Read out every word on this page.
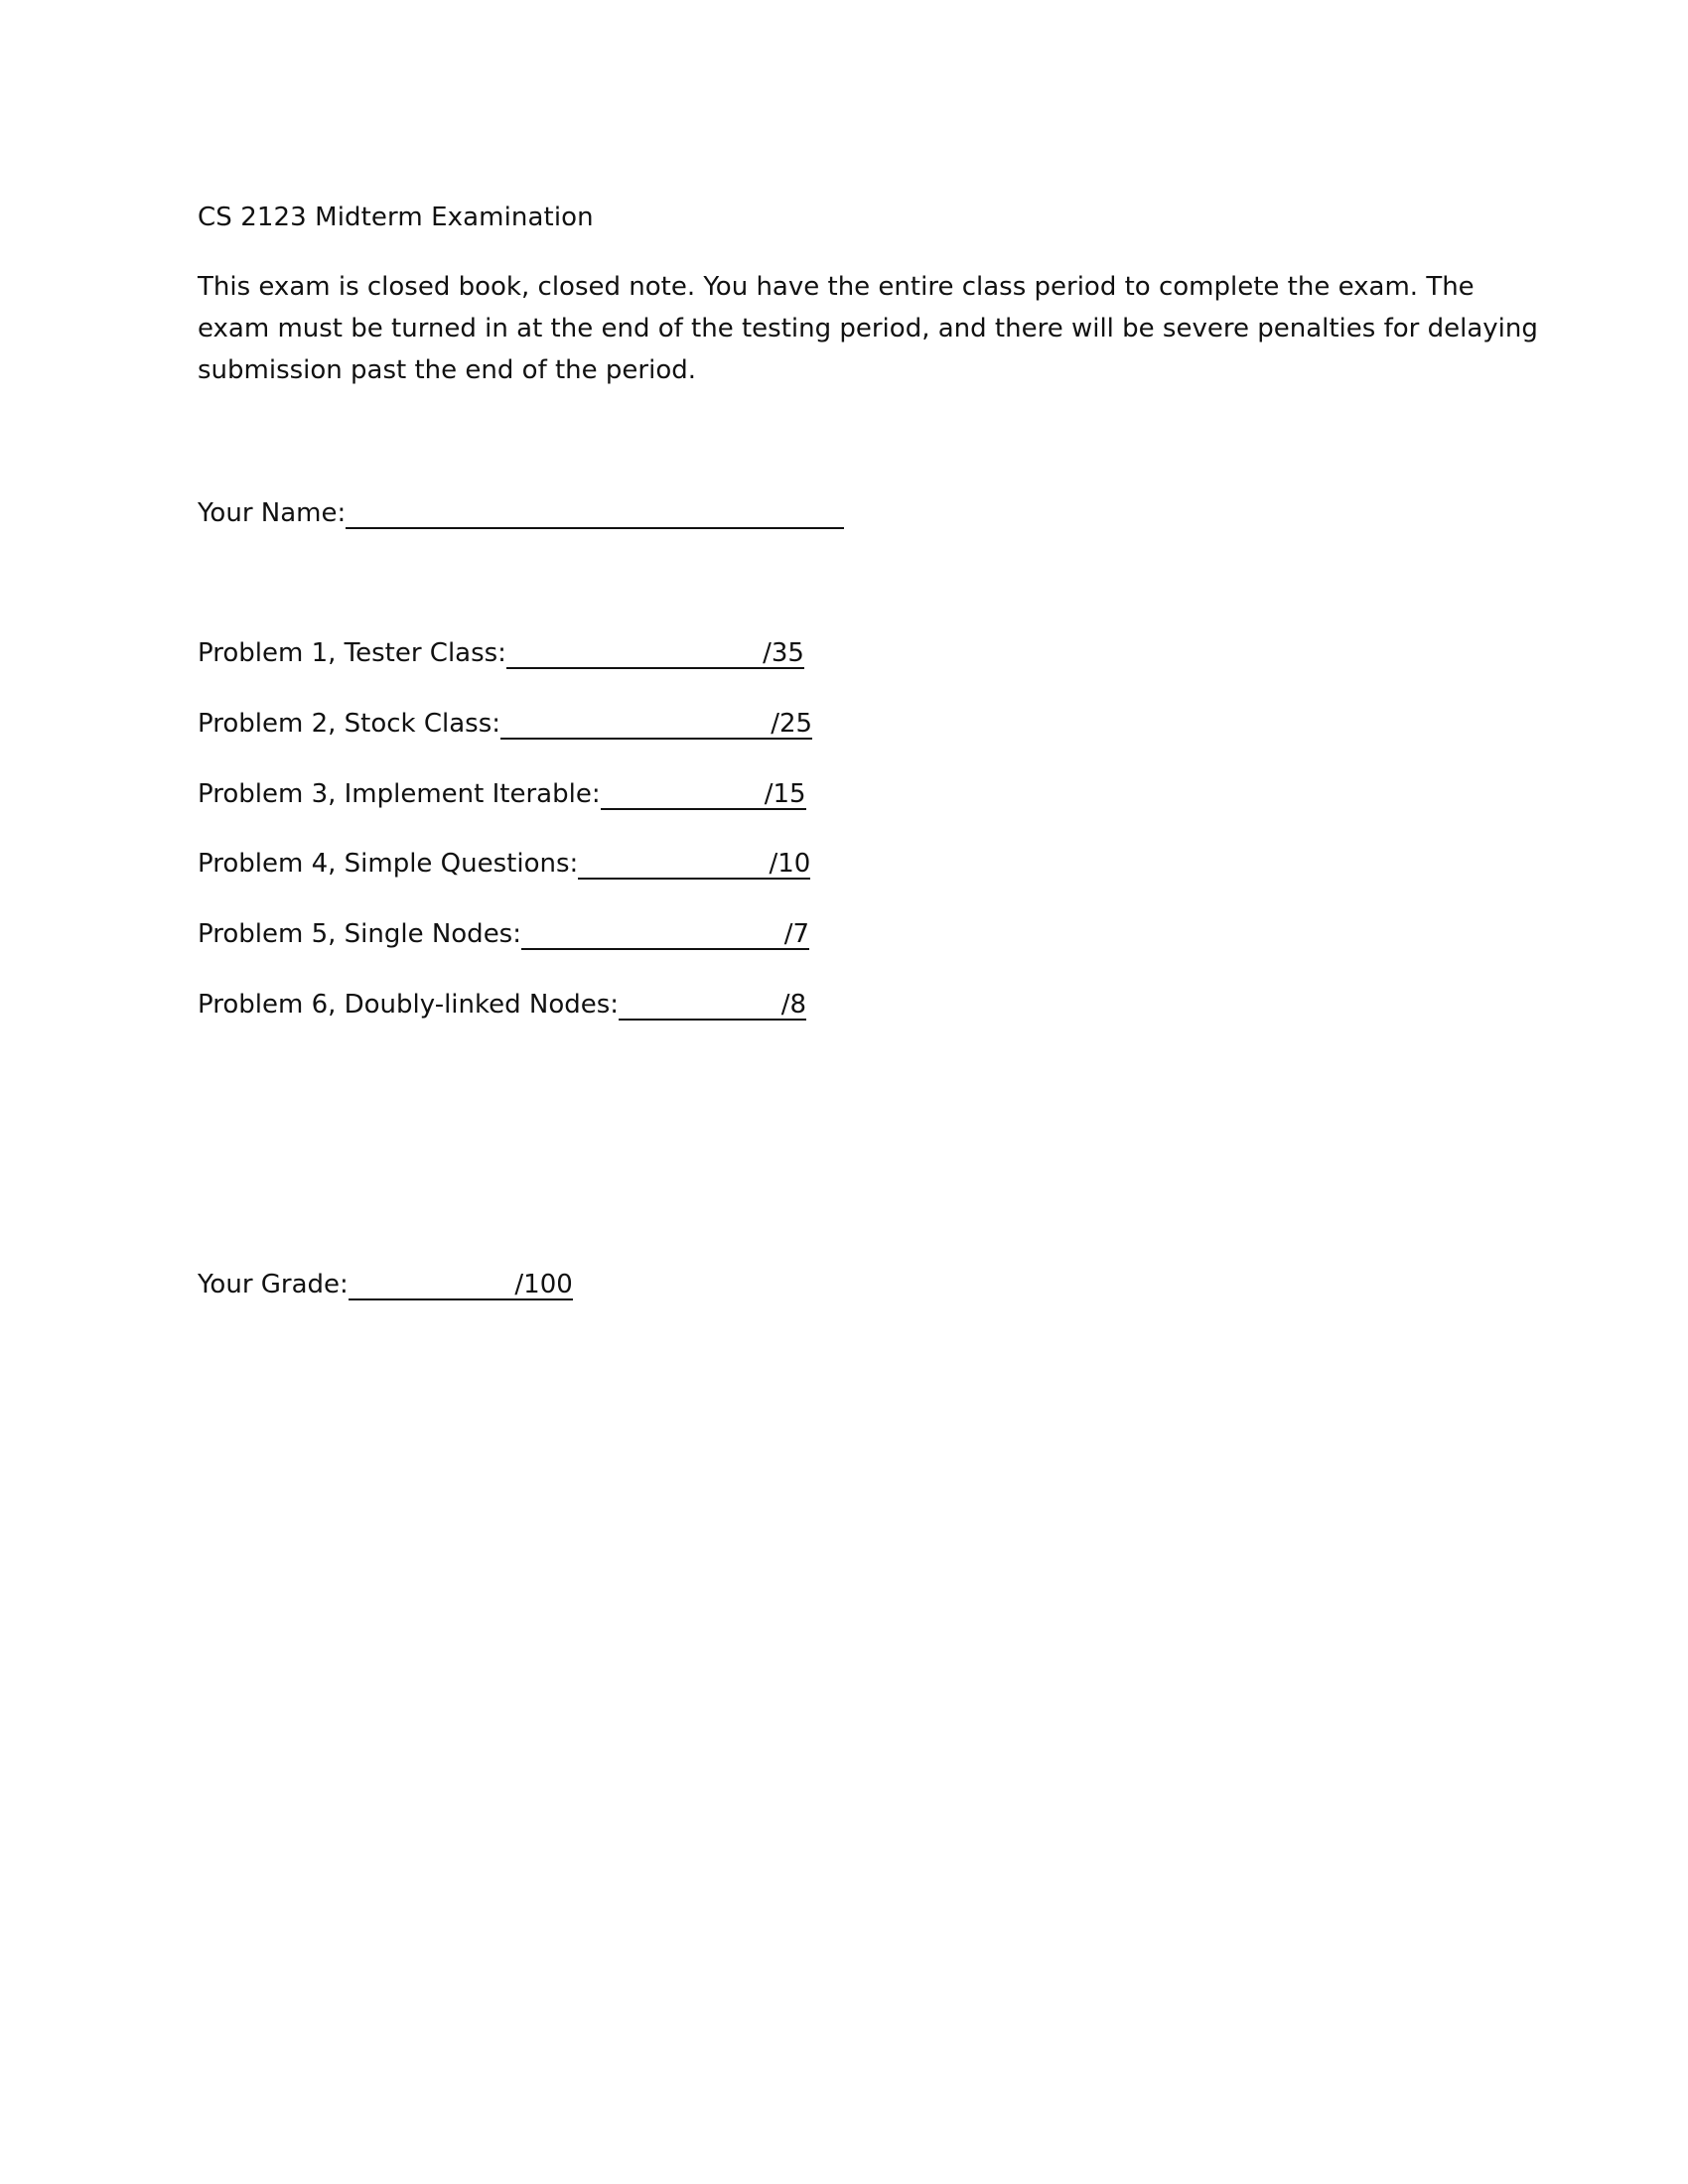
CS 2123 Midterm Examination
This exam is closed book, closed note. You have the entire class period to complete the exam. The
exam must be turned in at the end of the testing period, and there will be severe penalties for delaying
submission past the end of the period.
Your Name:
Problem 1, Tester Class:	/35
Problem 2, Stock Class:	/25
Problem 3, Implement Iterable:	/15
Problem 4, Simple Questions:	/10
Problem 5, Single Nodes:	/7
Problem 6, Doubly-linked Nodes:	/8
Your Grade:	/100
